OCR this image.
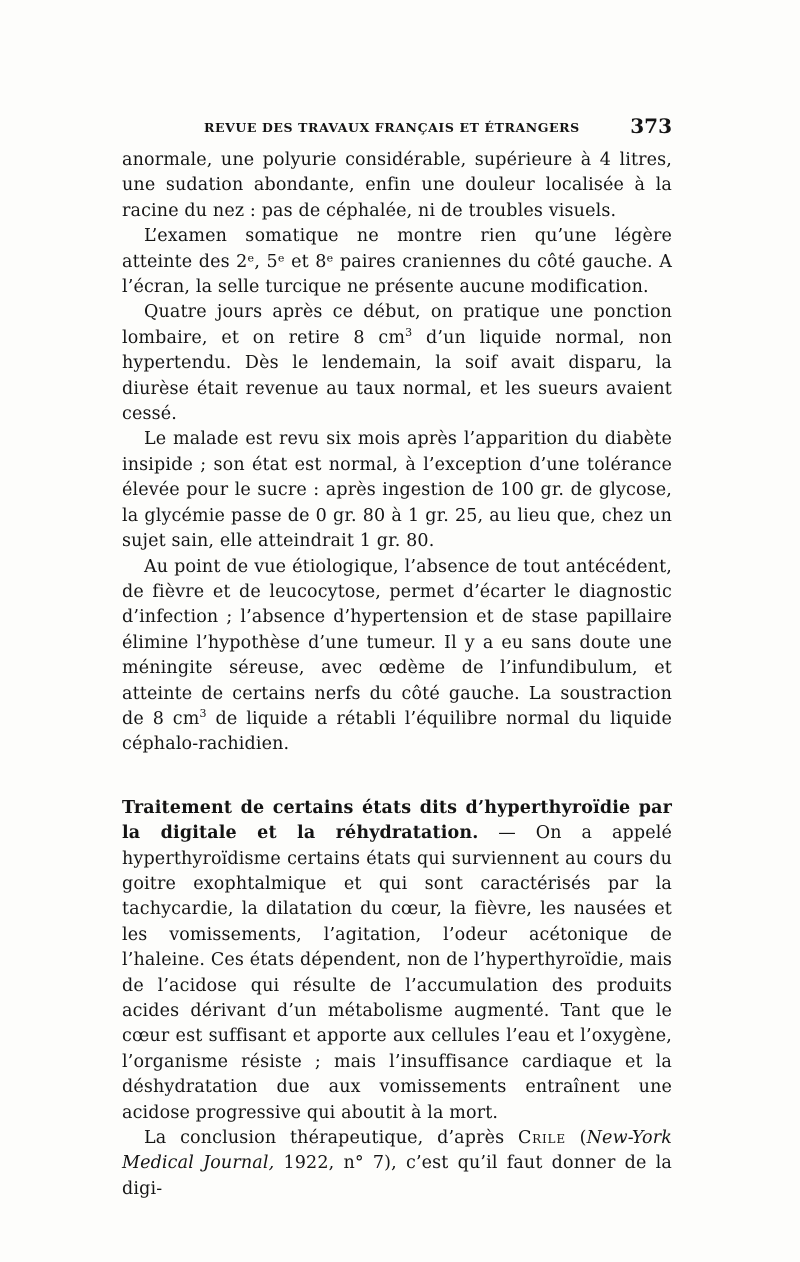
REVUE DES TRAVAUX FRANÇAIS ET ÉTRANGERS	373

anormale, une polyurie considérable, supérieure à 4 litres, une sudation abondante, enfin une douleur localisée à la racine du nez : pas de céphalée, ni de troubles visuels.

L’examen somatique ne montre rien qu’une légère atteinte des 2ᵉ, 5ᵉ et 8ᵉ paires craniennes du côté gauche. A l’écran, la selle turcique ne présente aucune modification.

Quatre jours après ce début, on pratique une ponction lombaire, et on retire 8 $cm^3$ d’un liquide normal, non hypertendu. Dès le lendemain, la soif avait disparu, la diurèse était revenue au taux normal, et les sueurs avaient cessé.

Le malade est revu six mois après l’apparition du diabète insipide ; son état est normal, à l’exception d’une tolérance élevée pour le sucre : après ingestion de 100 gr. de glycose, la glycémie passe de 0 gr. 80 à 1 gr. 25, au lieu que, chez un sujet sain, elle atteindrait 1 gr. 80.

Au point de vue étiologique, l’absence de tout antécédent, de fièvre et de leucocytose, permet d’écarter le diagnostic d’infection ; l’absence d’hypertension et de stase papillaire élimine l’hypothèse d’une tumeur. Il y a eu sans doute une méningite séreuse, avec œdème de l’infundibulum, et atteinte de certains nerfs du côté gauche. La soustraction de 8 $cm^3$ de liquide a rétabli l’équilibre normal du liquide céphalo-rachidien.

Traitement de certains états dits d’hyperthyroïdie par la digitale et la réhydratation. — On a appelé hyperthyroïdisme certains états qui surviennent au cours du goitre exophtalmique et qui sont caractérisés par la tachycardie, la dilatation du cœur, la fièvre, les nausées et les vomissements, l’agitation, l’odeur acétonique de l’haleine. Ces états dépendent, non de l’hyperthyroïdie, mais de l’acidose qui résulte de l’accumulation des produits acides dérivant d’un métabolisme augmenté. Tant que le cœur est suffisant et apporte aux cellules l’eau et l’oxygène, l’organisme résiste ; mais l’insuffisance cardiaque et la déshydratation due aux vomissements entraînent une acidose progressive qui aboutit à la mort.

La conclusion thérapeutique, d’après Crile (New-York Medical Journal, 1922, n° 7), c’est qu’il faut donner de la digi-
